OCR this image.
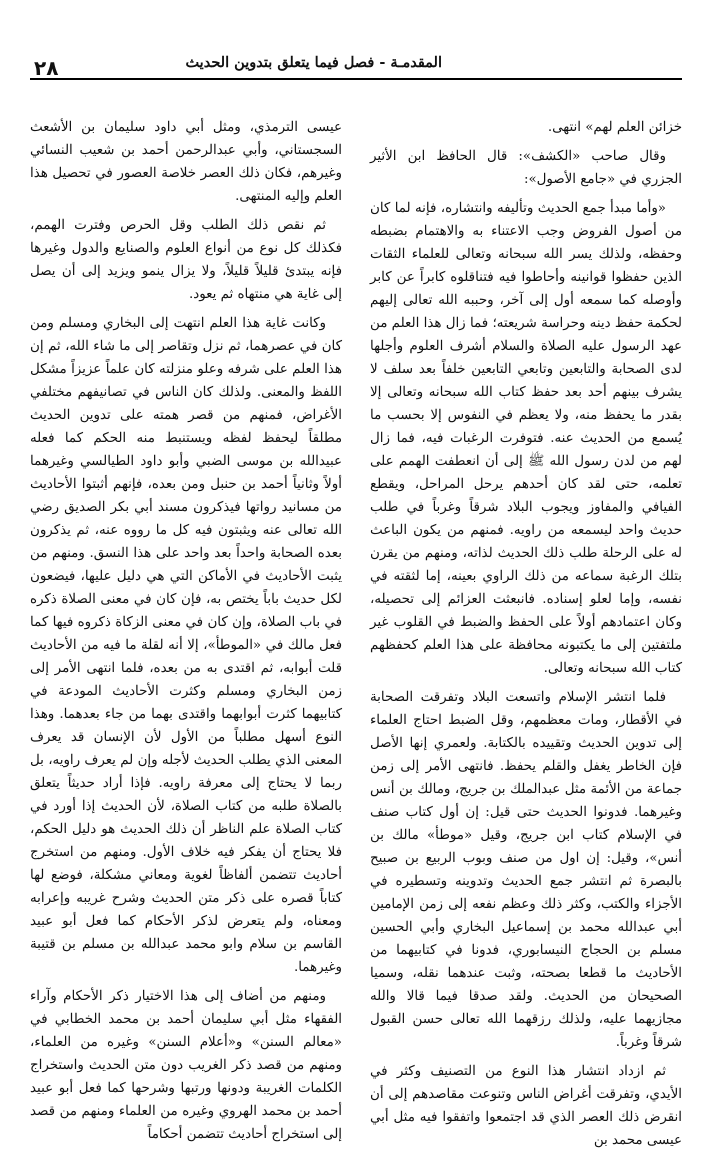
المقدمـة - فصل فيما يتعلق بتدوين الحديث
٢٨

خزائن العلم لهم» انتهى.

وقال صاحب «الكشف»: قال الحافظ ابن الأثير الجزري في «جامع الأصول»:

«وأما مبدأ جمع الحديث وتأليفه وانتشاره، فإنه لما كان من أصول الفروض وجب الاعتناء به والاهتمام بضبطه وحفظه، ولذلك يسر الله سبحانه وتعالى للعلماء الثقات الذين حفظوا قوانينه وأحاطوا فيه فتناقلوه كابراً عن كابر وأوصله كما سمعه أول إلى آخر، وحببه الله تعالى إليهم لحكمة حفظ دينه وحراسة شريعته؛ فما زال هذا العلم من عهد الرسول عليه الصلاة والسلام أشرف العلوم وأجلها لدى الصحابة والتابعين وتابعي التابعين خلفاً بعد سلف لا يشرف بينهم أحد بعد حفظ كتاب الله سبحانه وتعالى إلا بقدر ما يحفظ منه، ولا يعظم في النفوس إلا بحسب ما يُسمع من الحديث عنه. فتوفرت الرغبات فيه، فما زال لهم من لدن رسول الله ﷺ إلى أن انعطفت الهمم على تعلمه، حتى لقد كان أحدهم يرحل المراحل، ويقطع الفيافي والمفاوز ويجوب البلاد شرقاً وغرباً في طلب حديث واحد ليسمعه من راويه. فمنهم من يكون الباعث له على الرحلة طلب ذلك الحديث لذاته، ومنهم من يقرن بتلك الرغبة سماعه من ذلك الراوي بعينه، إما لثقته في نفسه، وإما لعلو إسناده. فانبعثت العزائم إلى تحصيله، وكان اعتمادهم أولاً على الحفظ والضبط في القلوب غير ملتفتين إلى ما يكتبونه محافظة على هذا العلم كحفظهم كتاب الله سبحانه وتعالى.

فلما انتشر الإسلام واتسعت البلاد وتفرقت الصحابة في الأقطار، ومات معظمهم، وقل الضبط احتاج العلماء إلى تدوين الحديث وتقييده بالكتابة. ولعمري إنها الأصل فإن الخاطر يغفل والقلم يحفظ. فانتهى الأمر إلى زمن جماعة من الأئمة مثل عبدالملك بن جريج، ومالك بن أنس وغيرهما. فدونوا الحديث حتى قيل: إن أول كتاب صنف في الإسلام كتاب ابن جريج، وقيل «موطأ» مالك بن أنس»، وقيل: إن اول من صنف وبوب الربيع بن صبيح بالبصرة ثم انتشر جمع الحديث وتدوينه وتسطيره في الأجزاء والكتب، وكثر ذلك وعظم نفعه إلى زمن الإمامين أبي عبدالله محمد بن إسماعيل البخاري وأبي الحسين مسلم بن الحجاج النيسابوري، فدونا في كتابيهما من الأحاديث ما قطعا بصحته، وثبت عندهما نقله، وسميا الصحيحان من الحديث. ولقد صدقا فيما قالا والله مجازيهما عليه، ولذلك رزقهما الله تعالى حسن القبول شرقاً وغرباً.

ثم ازداد انتشار هذا النوع من التصنيف وكثر في الأيدي، وتفرقت أغراض الناس وتنوعت مقاصدهم إلى أن انقرض ذلك العصر الذي قد اجتمعوا واتفقوا فيه مثل أبي عيسى محمد بن

عيسى الترمذي، ومثل أبي داود سليمان بن الأشعث السجستاني، وأبي عبدالرحمن أحمد بن شعيب النسائي وغيرهم، فكان ذلك العصر خلاصة العصور في تحصيل هذا العلم وإليه المنتهى.

ثم نقص ذلك الطلب وقل الحرص وفترت الهمم، فكذلك كل نوع من أنواع العلوم والصنايع والدول وغيرها فإنه يبتدئ قليلاً قليلاً، ولا يزال ينمو ويزيد إلى أن يصل إلى غاية هي منتهاه ثم يعود.

وكانت غاية هذا العلم انتهت إلى البخاري ومسلم ومن كان في عصرهما، ثم نزل وتقاصر إلى ما شاء الله، ثم إن هذا العلم على شرفه وعلو منزلته كان علماً عزيزاً مشكل اللفظ والمعنى. ولذلك كان الناس في تصانيفهم مختلفي الأغراض، فمنهم من قصر همته على تدوين الحديث مطلقاً ليحفظ لفظه ويستنبط منه الحكم كما فعله عبيدالله بن موسى الضبي وأبو داود الطيالسي وغيرهما أولاً وثانياً أحمد بن حنبل ومن بعده، فإنهم أثبتوا الأحاديث من مسانيد رواتها فيذكرون مسند أبي بكر الصديق رضي الله تعالى عنه ويثبتون فيه كل ما رووه عنه، ثم يذكرون بعده الصحابة واحداً بعد واحد على هذا النسق. ومنهم من يثبت الأحاديث في الأماكن التي هي دليل عليها، فيضعون لكل حديث باباً يختص به، فإن كان في معنى الصلاة ذكره في باب الصلاة، وإن كان في معنى الزكاة ذكروه فيها كما فعل مالك في «الموطأ»، إلا أنه لقلة ما فيه من الأحاديث قلت أبوابه، ثم اقتدى به من بعده، فلما انتهى الأمر إلى زمن البخاري ومسلم وكثرت الأحاديث المودعة في كتابيهما كثرت أبوابهما واقتدى بهما من جاء بعدهما. وهذا النوع أسهل مطلباً من الأول لأن الإنسان قد يعرف المعنى الذي يطلب الحديث لأجله وإن لم يعرف راويه، بل ربما لا يحتاج إلى معرفة راويه. فإذا أراد حديثاً يتعلق بالصلاة طلبه من كتاب الصلاة، لأن الحديث إذا أورد في كتاب الصلاة علم الناظر أن ذلك الحديث هو دليل الحكم، فلا يحتاج أن يفكر فيه خلاف الأول. ومنهم من استخرج أحاديث تتضمن ألفاظاً لغوية ومعاني مشكلة، فوضع لها كتاباً قصره على ذكر متن الحديث وشرح غريبه وإعرابه ومعناه، ولم يتعرض لذكر الأحكام كما فعل أبو عبيد القاسم بن سلام وابو محمد عبدالله بن مسلم بن قتيبة وغيرهما.

ومنهم من أضاف إلى هذا الاختيار ذكر الأحكام وآراء الفقهاء مثل أبي سليمان أحمد بن محمد الخطابي في «معالم السنن» و«أعلام السنن» وغيره من العلماء، ومنهم من قصد ذكر الغريب دون متن الحديث واستخراج الكلمات الغريبة ودونها ورتبها وشرحها كما فعل أبو عبيد أحمد بن محمد الهروي وغيره من العلماء ومنهم من قصد إلى استخراج أحاديث تتضمن أحكاماً
